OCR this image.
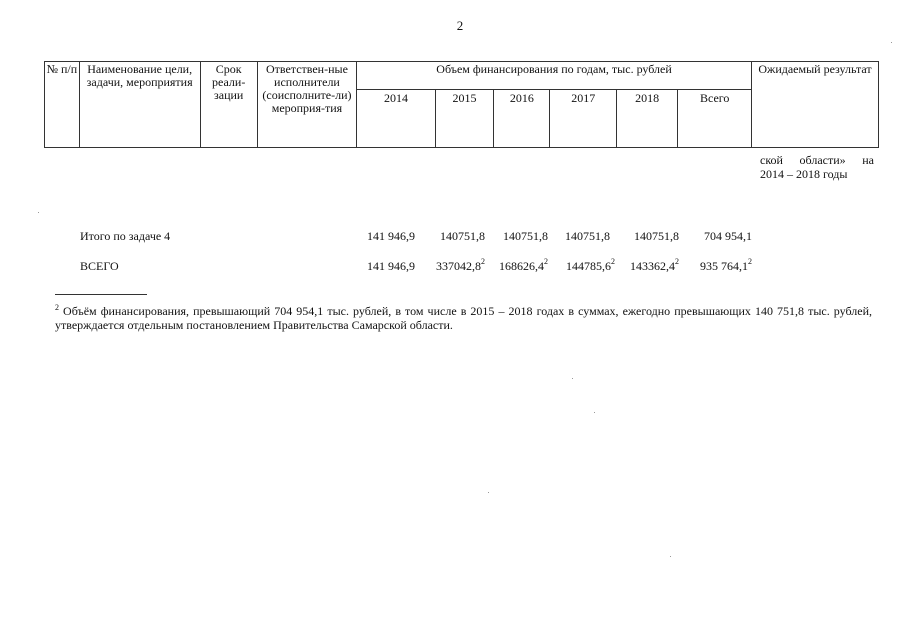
2
№ п/п	Наименование цели, задачи, мероприятия	Срок реали-зации	Ответствен-ные исполнители (соисполните-ли) мероприя-тия	Объем финансирования по годам, тыс. рублей						Ожидаемый результат
				2014	2015	2016	2017	2018	Всего	
ской области» на
2014 – 2018 годы
Итого по задаче 4	141 946,9 140751,8 140751,8 140751,8 140751,8 704 954,1
ВСЕГО	141 946,9 337042,8$^2$ 168626,4$^2$ 144785,6$^2$ 143362,4$^2$ 935 764,1$^2$
$^2$ Объём финансирования, превышающий 704 954,1 тыс. рублей, в том числе в 2015 – 2018 годах в суммах, ежегодно превышающих 140 751,8 тыс. рублей, утверждается отдельным постановлением Правительства Самарской области.
